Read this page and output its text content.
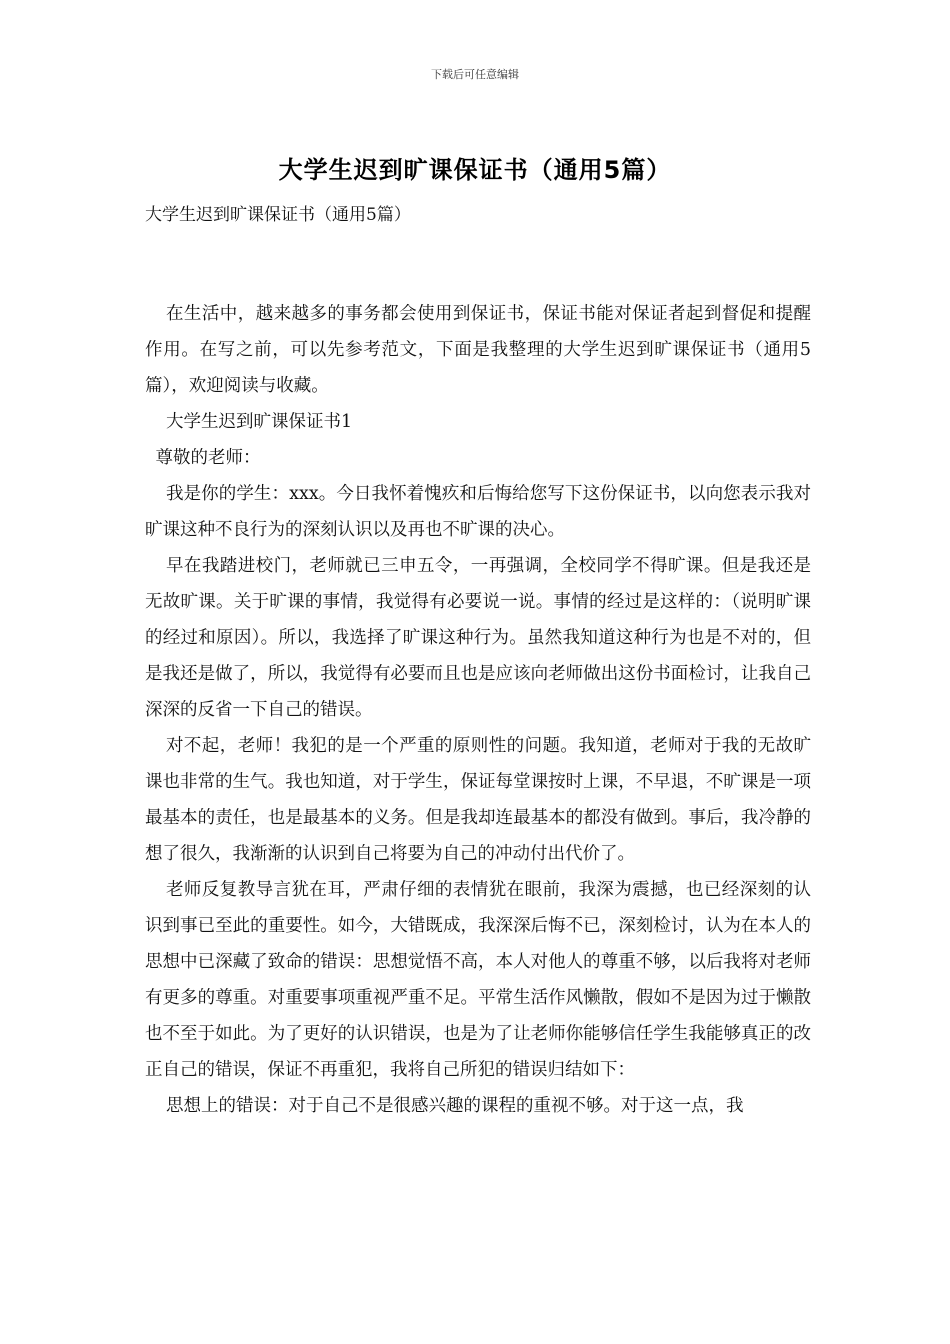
下载后可任意编辑
大学生迟到旷课保证书（通用5篇）
大学生迟到旷课保证书（通用5篇）

在生活中，越来越多的事务都会使用到保证书，保证书能对保证者起到督促和提醒作用。在写之前，可以先参考范文，下面是我整理的大学生迟到旷课保证书（通用5篇），欢迎阅读与收藏。

大学生迟到旷课保证书1

尊敬的老师：

我是你的学生：xxx。今日我怀着愧疚和后悔给您写下这份保证书，以向您表示我对旷课这种不良行为的深刻认识以及再也不旷课的决心。

早在我踏进校门，老师就已三申五令，一再强调，全校同学不得旷课。但是我还是无故旷课。关于旷课的事情，我觉得有必要说一说。事情的经过是这样的：（说明旷课的经过和原因）。所以，我选择了旷课这种行为。虽然我知道这种行为也是不对的，但是我还是做了，所以，我觉得有必要而且也是应该向老师做出这份书面检讨，让我自己深深的反省一下自己的错误。

对不起，老师！我犯的是一个严重的原则性的问题。我知道，老师对于我的无故旷课也非常的生气。我也知道，对于学生，保证每堂课按时上课，不早退，不旷课是一项最基本的责任，也是最基本的义务。但是我却连最基本的都没有做到。事后，我冷静的想了很久，我渐渐的认识到自己将要为自己的冲动付出代价了。

老师反复教导言犹在耳，严肃仔细的表情犹在眼前，我深为震撼，也已经深刻的认识到事已至此的重要性。如今，大错既成，我深深后悔不已，深刻检讨，认为在本人的思想中已深藏了致命的错误：思想觉悟不高，本人对他人的尊重不够，以后我将对老师有更多的尊重。对重要事项重视严重不足。平常生活作风懒散，假如不是因为过于懒散也不至于如此。为了更好的认识错误，也是为了让老师你能够信任学生我能够真正的改正自己的错误，保证不再重犯，我将自己所犯的错误归结如下：

思想上的错误：对于自己不是很感兴趣的课程的重视不够。对于这一点，我
